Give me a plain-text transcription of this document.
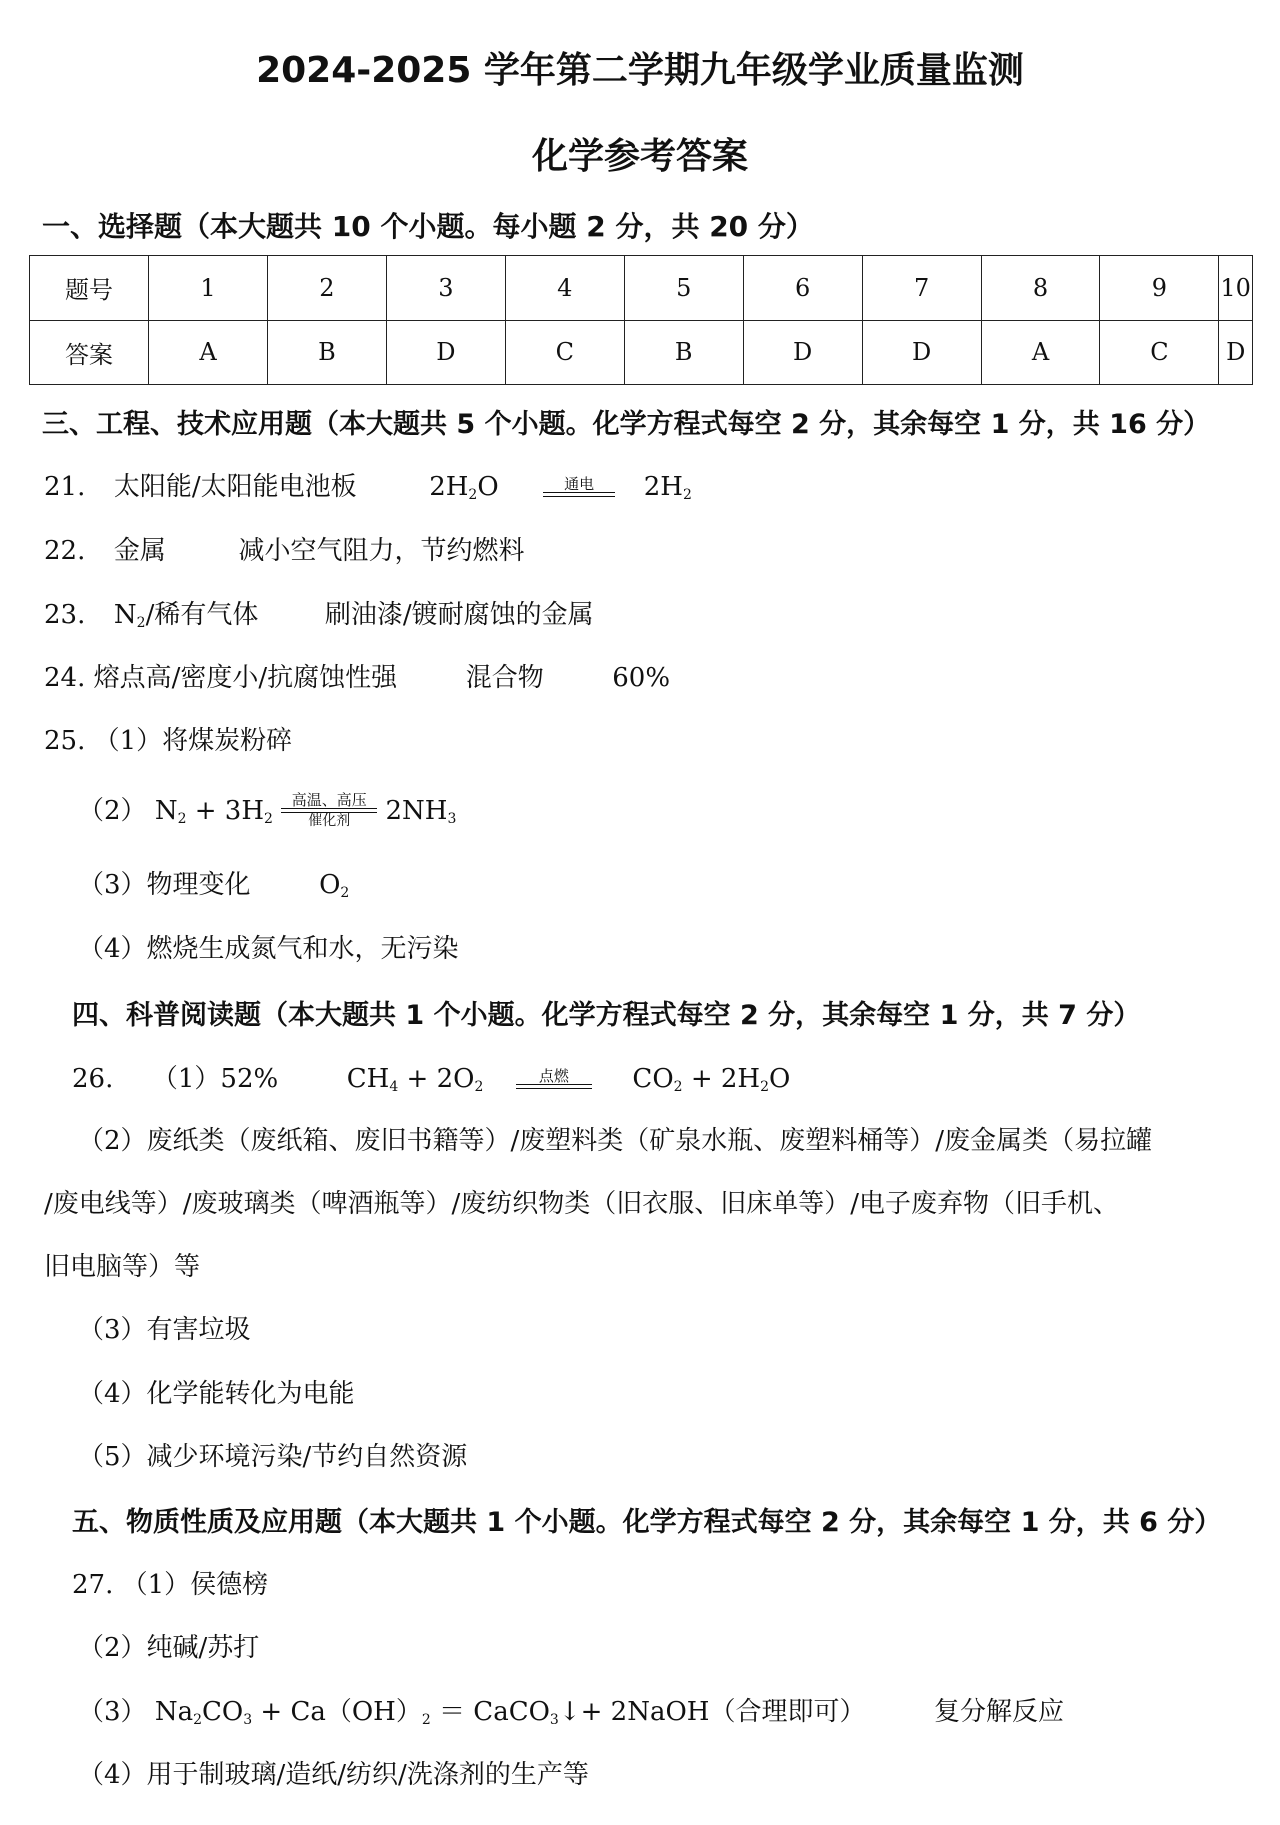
2024-2025 学年第二学期九年级学业质量监测
化学参考答案
一、选择题（本大题共 10 个小题。每小题 2 分，共 20 分）
题号	1	2	3	4	5	6	7	8	9	10
答案	A	B	D	C	B	D	D	A	C	D
三、工程、技术应用题（本大题共 5 个小题。化学方程式每空 2 分，其余每空 1 分，共 16 分）
21. 太阳能/太阳能电池板	$2H_2O$	通电	$2H_2$
22. 金属	减小空气阻力，节约燃料
23. $N_2/$稀有气体	刷油漆/镀耐腐蚀的金属
24. 熔点高/密度小/抗腐蚀性强	混合物	60%
25. （1）将煤炭粉碎
（2） $N_2 + 3H_2$
高温、高压
催化剂	$2NH_3$
（3）物理变化	$O_2$
（4）燃烧生成氮气和水，无污染
四、科普阅读题（本大题共 1 个小题。化学方程式每空 2 分，其余每空 1 分，共 7 分）
26. （1）52%	$CH_4 + 2O_2$
点燃	$CO_2 + 2H_2O$
（2）废纸类（废纸箱、废旧书籍等）/废塑料类（矿泉水瓶、废塑料桶等）/废金属类（易拉罐
/废电线等）/废玻璃类（啤酒瓶等）/废纺织物类（旧衣服、旧床单等）/电子废弃物（旧手机、
旧电脑等）等
（3）有害垃圾
（4）化学能转化为电能
（5）减少环境污染/节约自然资源
五、物质性质及应用题（本大题共 1 个小题。化学方程式每空 2 分，其余每空 1 分，共 6 分）
27. （1）侯德榜
（2）纯碱/苏打
（3） $Na_2CO_3 + Ca(OH)_2$ ＝ CaCO$_3$↓+ 2NaOH（合理即可）	复分解反应
（4）用于制玻璃/造纸/纺织/洗涤剂的生产等
